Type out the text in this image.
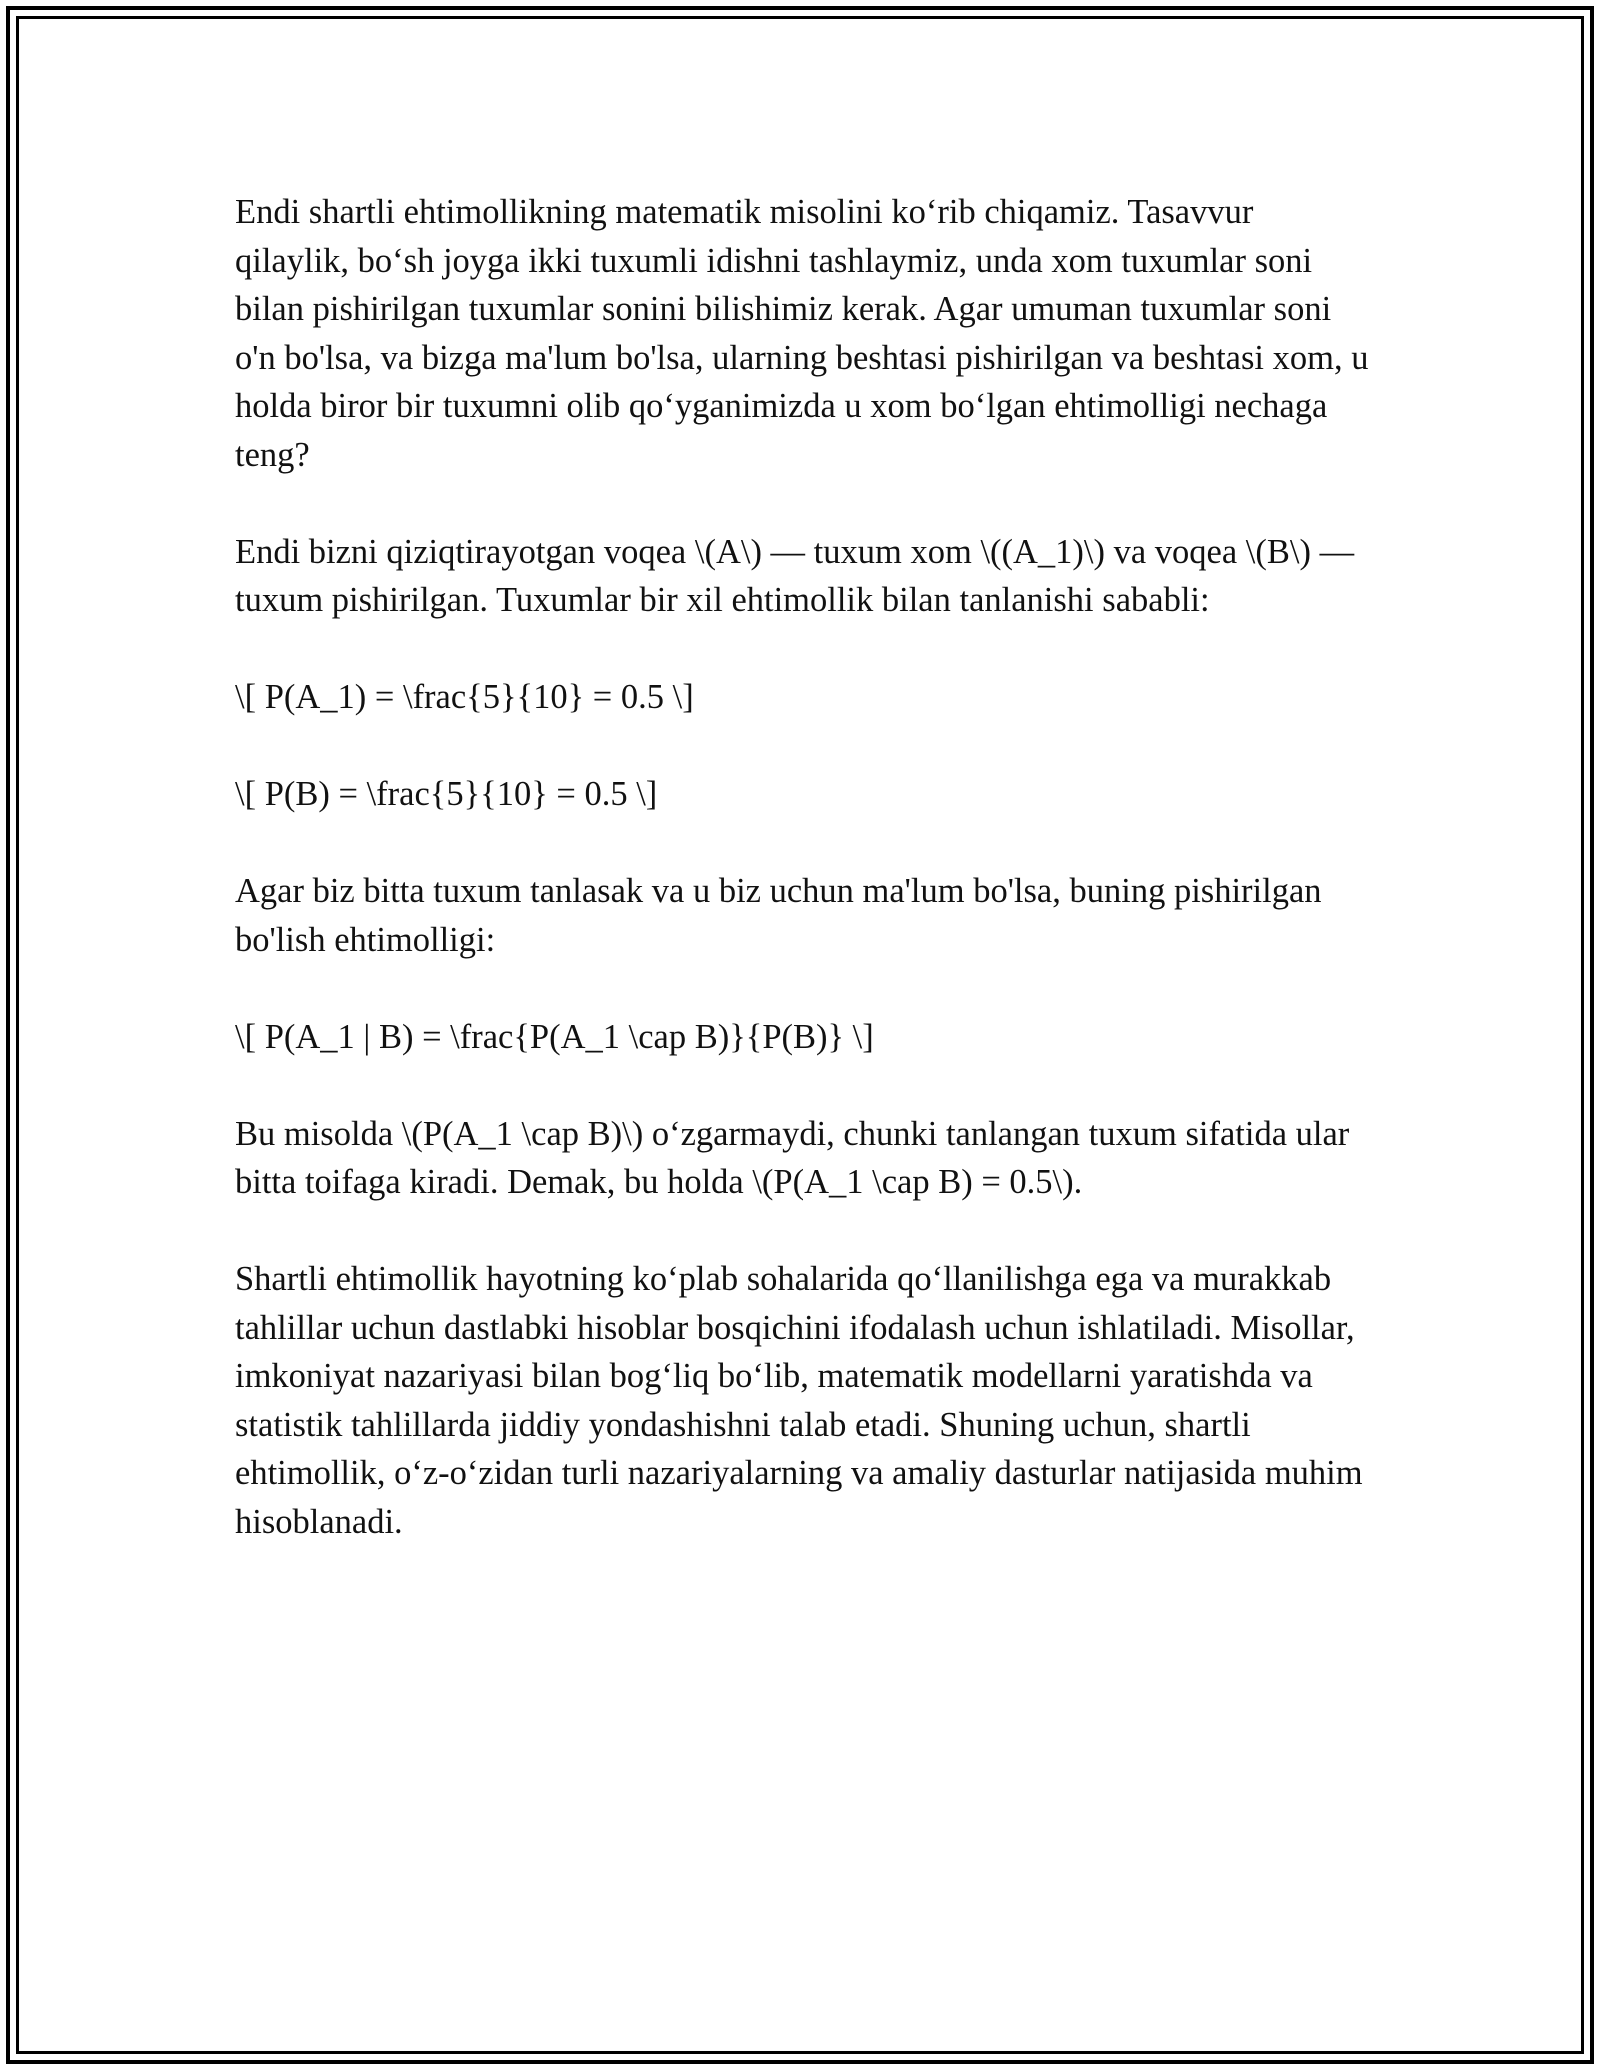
Endi shartli ehtimollikning matematik misolini ko‘rib chiqamiz. Tasavvur qilaylik, bo‘sh joyga ikki tuxumli idishni tashlaymiz, unda xom tuxumlar soni bilan pishirilgan tuxumlar sonini bilishimiz kerak. Agar umuman tuxumlar soni o'n bo'lsa, va bizga ma'lum bo'lsa, ularning beshtasi pishirilgan va beshtasi xom, u holda biror bir tuxumni olib qo‘yganimizda u xom bo‘lgan ehtimolligi nechaga teng?

Endi bizni qiziqtirayotgan voqea \(A\) — tuxum xom \((A_1)\) va voqea \(B\) — tuxum pishirilgan. Tuxumlar bir xil ehtimollik bilan tanlanishi sababli:

\[ P(A_1) = \frac{5}{10} = 0.5 \]

\[ P(B) = \frac{5}{10} = 0.5 \]

Agar biz bitta tuxum tanlasak va u biz uchun ma'lum bo'lsa, buning pishirilgan bo'lish ehtimolligi:

\[ P(A_1 | B) = \frac{P(A_1 \cap B)}{P(B)} \]

Bu misolda \(P(A_1 \cap B)\) o‘zgarmaydi, chunki tanlangan tuxum sifatida ular bitta toifaga kiradi. Demak, bu holda \(P(A_1 \cap B) = 0.5\).

Shartli ehtimollik hayotning ko‘plab sohalarida qo‘llanilishga ega va murakkab tahlillar uchun dastlabki hisoblar bosqichini ifodalash uchun ishlatiladi. Misollar, imkoniyat nazariyasi bilan bog‘liq bo‘lib, matematik modellarni yaratishda va statistik tahlillarda jiddiy yondashishni talab etadi. Shuning uchun, shartli ehtimollik, o‘z-o‘zidan turli nazariyalarning va amaliy dasturlar natijasida muhim hisoblanadi.
